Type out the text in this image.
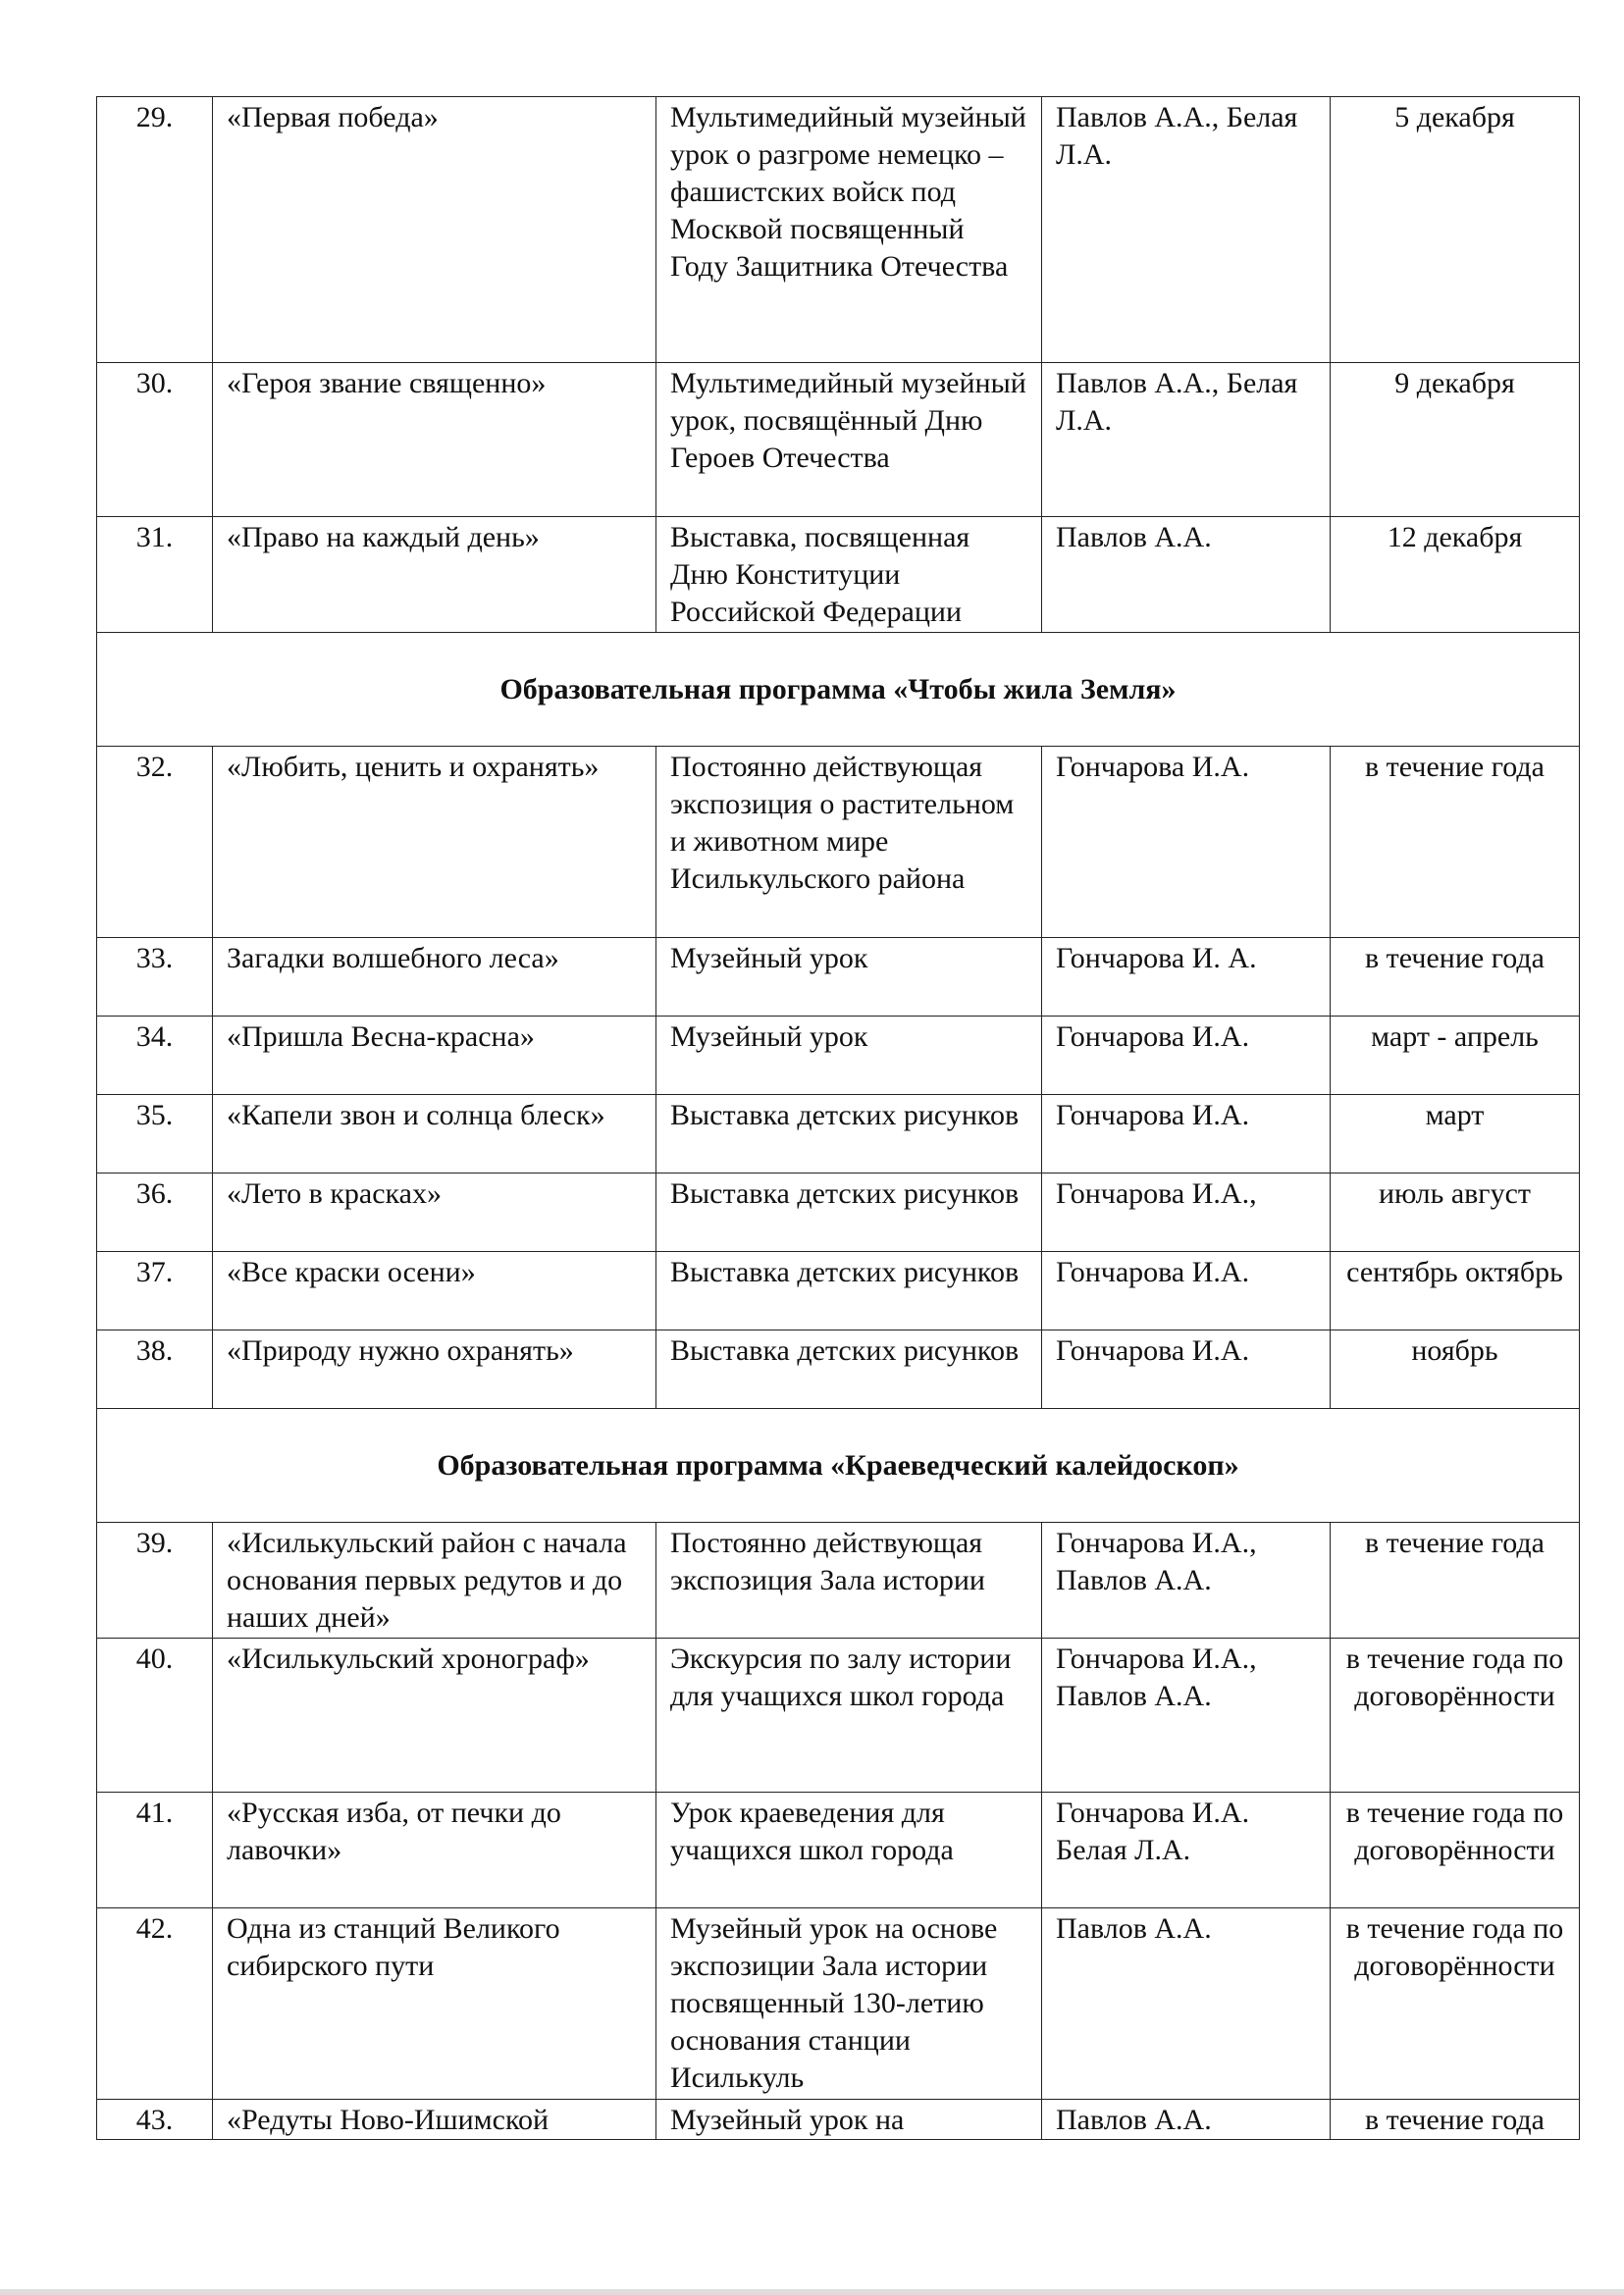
29.	«Первая победа»	Мультимедийный музейный урок о разгроме немецко – фашистских войск под Москвой посвященный Году Защитника Отечества	Павлов А.А., Белая Л.А.	5 декабря
30.	«Героя звание священно»	Мультимедийный музейный урок, посвящённый Дню Героев Отечества	Павлов А.А., Белая Л.А.	9 декабря
31.	«Право на каждый день»	Выставка, посвященная Дню Конституции Российской Федерации	Павлов А.А.	12 декабря
Образовательная программа «Чтобы жила Земля»				
32.	«Любить, ценить и охранять»	Постоянно действующая экспозиция о растительном и животном мире Исилькульского района	Гончарова И.А.	в течение года
33.	Загадки волшебного леса»	Музейный урок	Гончарова И. А.	в течение года
34.	«Пришла Весна-красна»	Музейный урок	Гончарова И.А.	март - апрель
35.	«Капели звон и солнца блеск»	Выставка детских рисунков	Гончарова И.А.	март
36.	«Лето в красках»	Выставка детских рисунков	Гончарова И.А.,	июль август
37.	«Все краски осени»	Выставка детских рисунков	Гончарова И.А.	сентябрь октябрь
38.	«Природу нужно охранять»	Выставка детских рисунков	Гончарова И.А.	ноябрь
Образовательная программа «Краеведческий калейдоскоп»				
39.	«Исилькульский район с начала основания первых редутов и до наших дней»	Постоянно действующая экспозиция Зала истории	Гончарова И.А., Павлов А.А.	в течение года
40.	«Исилькульский хронограф»	Экскурсия по залу истории для учащихся школ города	Гончарова И.А., Павлов А.А.	в течение года по договорённости
41.	«Русская изба, от печки до лавочки»	Урок краеведения для учащихся школ города	Гончарова И.А. Белая Л.А.	в течение года по договорённости
42.	Одна из станций Великого сибирского пути	Музейный урок на основе экспозиции Зала истории посвященный 130-летию основания станции Исилькуль	Павлов А.А.	в течение года по договорённости
43.	«Редуты Ново-Ишимской	Музейный урок на	Павлов А.А.	в течение года
